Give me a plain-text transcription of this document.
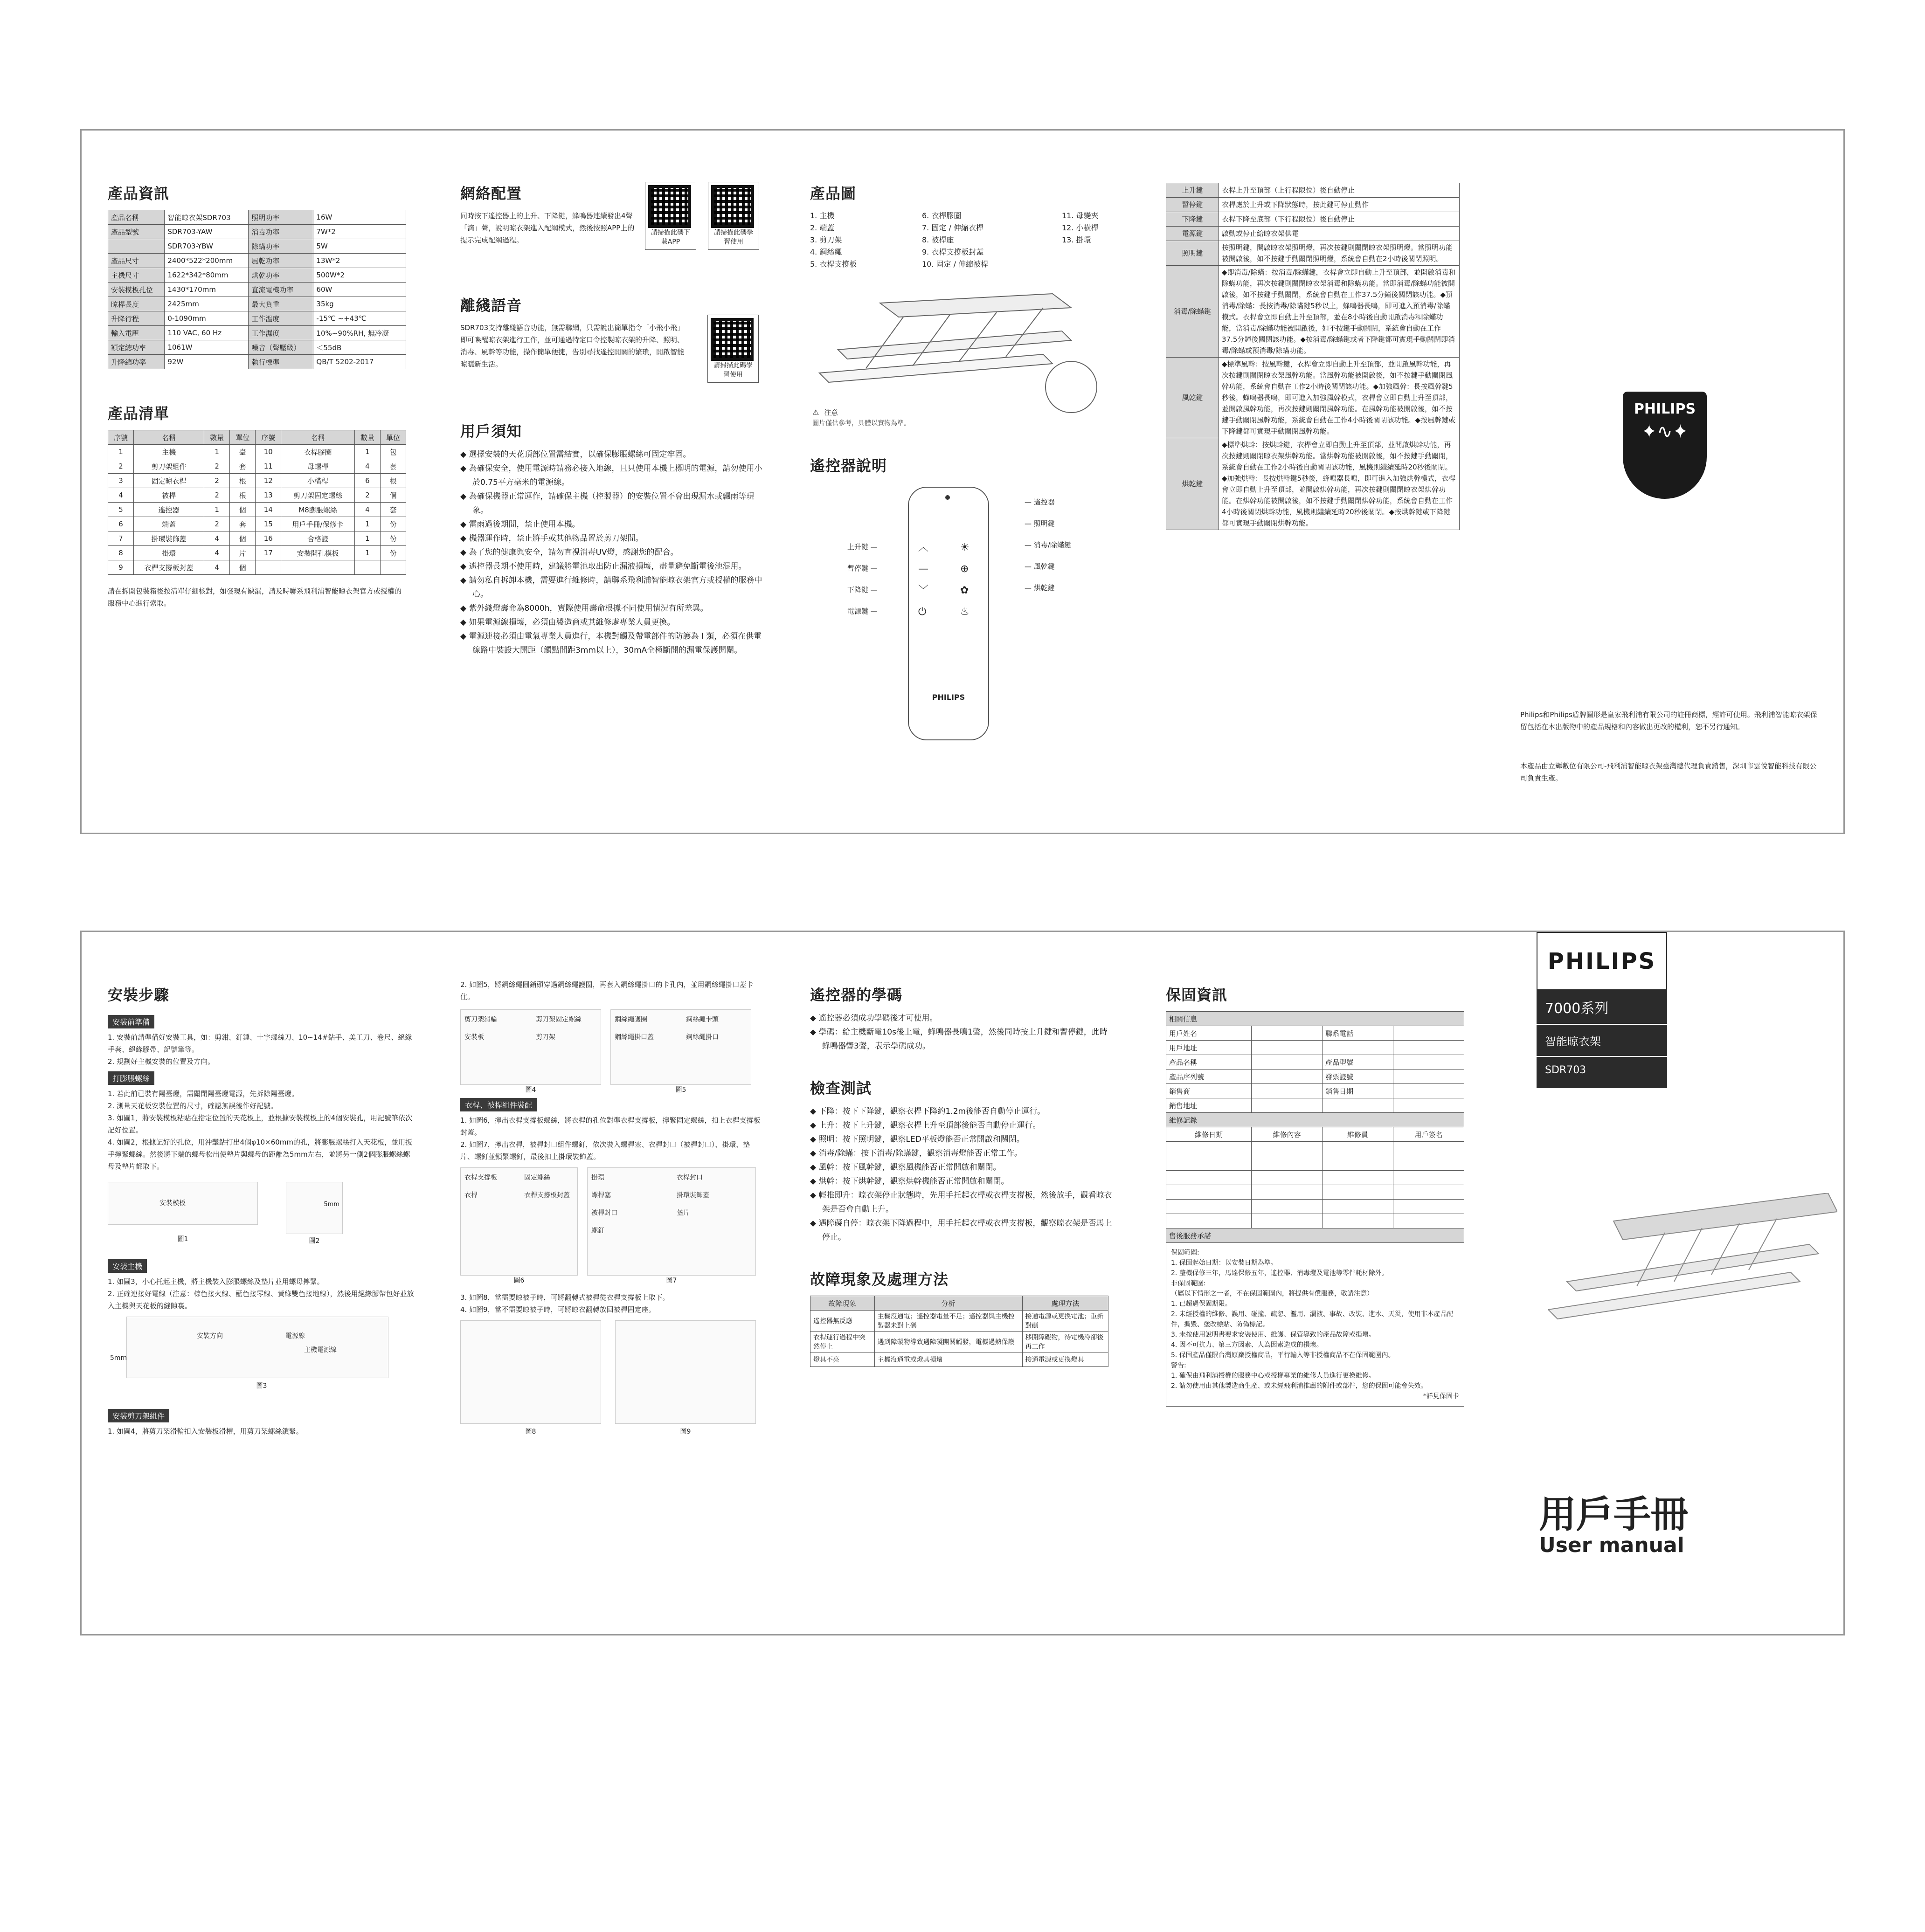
產品資訊
產品名稱	智能晾衣架SDR703	照明功率	16W
產品型號	SDR703-YAW	消毒功率	7W*2
	SDR703-YBW	除蟎功率	5W
產品尺寸	2400*522*200mm	風乾功率	13W*2
主機尺寸	1622*342*80mm	烘乾功率	500W*2
安裝模板孔位	1430*170mm	直流電機功率	60W
晾桿長度	2425mm	最大負重	35kg
升降行程	0-1090mm	工作溫度	-15℃ ~+43℃
輸入電壓	110 VAC, 60 Hz	工作濕度	10%~90%RH, 無冷凝
額定總功率	1061W	噪音（聲壓級）	＜55dB
升降總功率	92W	執行標準	QB/T 5202-2017
產品清單
序號	名稱	數量	單位	序號	名稱	數量	單位
1	主機	1	臺	10	衣桿膠圈	1	包
2	剪刀架組件	2	套	11	母螺桿	4	套
3	固定晾衣桿	2	根	12	小橫桿	6	根
4	被桿	2	根	13	剪刀架固定螺絲	2	個
5	遙控器	1	個	14	M8膨脹螺絲	4	套
6	端蓋	2	套	15	用戶手冊/保修卡	1	份
7	掛環裝飾蓋	4	個	16	合格證	1	份
8	掛環	4	片	17	安裝開孔模板	1	份
9	衣桿支撐板封蓋	4	個				

請在拆開包裝箱後按清單仔細核對，如發現有缺漏，請及時聯系飛利浦智能晾衣架官方或授權的服務中心進行索取。

網絡配置

同時按下遙控器上的上升、下降鍵，蜂鳴器連續發出4聲「滴」聲，說明晾衣架進入配網模式，然後按照APP上的提示完成配網過程。

請掃描此碼下載APP

請掃描此碼學習使用
離綫語音

SDR703支持離綫語音功能，無需聯網，只需說出簡單指令「小飛小飛」即可喚醒晾衣架進行工作，並可通過特定口令控製晾衣架的升降、照明、消毒、風幹等功能，操作簡單便捷，告別尋找遙控開關的繁瑣，開啟智能晾曬新生活。	請掃描此碼學習使用
用戶須知

◆ 選擇安裝的天花頂部位置需結實，以確保膨脹螺絲可固定牢固。

◆ 為確保安全，使用電源時請務必接入地線，且只使用本機上標明的電源，請勿使用小於0.75平方毫米的電源線。

◆ 為確保機器正常運作，請確保主機（控製器）的安裝位置不會出現漏水或飄雨等現象。

◆ 雷雨過後期間，禁止使用本機。

◆ 機器運作時，禁止將手或其他物品置於剪刀架間。

◆ 為了您的健康與安全，請勿直視消毒UV燈，感謝您的配合。

◆ 遙控器長期不使用時，建議將電池取出防止漏液損壞，盡量避免斷電後池混用。

◆ 請勿私自拆卸本機，需要進行維修時，請聯系飛利浦智能晾衣架官方或授權的服務中心。

◆ 紫外綫燈壽命為8000h，實際使用壽命根據不同使用情況有所差異。

◆ 如果電源線損壞，必須由製造商或其維修處專業人員更換。

◆ 電源連接必須由電氣專業人員進行，本機對觸及帶電部件的防護為 I 類，必須在供電線路中裝設大開距（觸點間距3mm以上），30mA全極斷開的漏電保護開關。

產品圖
1. 主機
2. 端蓋
3. 剪刀架
4. 鋼絲繩
5. 衣桿支撐板
6. 衣桿膠圈
7. 固定 / 伸縮衣桿
8. 被桿座
9. 衣桿支撐板封蓋
10. 固定 / 伸縮被桿
11. 母變夾
12. 小橫桿
13. 掛環
⚠ 注意
圖片僅供參考，具體以實物為準。
遙控器說明
︿
—
﹀
⏻
☀
⊕
✿
♨
PHILIPS
上升鍵 —
暫停鍵 —
下降鍵 —
電源鍵 —
— 遙控器
— 照明鍵
— 消毒/除蟎鍵
— 風乾鍵
— 烘乾鍵
上升鍵	衣桿上升至頂部（上行程限位）後自動停止
暫停鍵	衣桿處於上升或下降狀態時，按此鍵可停止動作
下降鍵	衣桿下降至底部（下行程限位）後自動停止
電源鍵	啟動或停止給晾衣架供電
照明鍵	按照明鍵，開啟晾衣架照明燈，再次按鍵則關閉晾衣架照明燈。當照明功能被開啟後，如不按鍵手動關閉照明燈，系統會自動在2小時後關閉照明。
消毒/除蟎鍵	◆即消毒/除蟎：按消毒/除蟎鍵，衣桿會立即自動上升至頂部，並開啟消毒和除蟎功能，再次按鍵則關閉晾衣架消毒和除蟎功能。當即消毒/除蟎功能被開啟後，如不按鍵手動關閉，系統會自動在工作37.5分鐘後關閉該功能。◆預消毒/除蟎：長按消毒/除蟎鍵5秒以上，蜂鳴器長鳴，即可進入預消毒/除蟎模式。衣桿會立即自動上升至頂部，並在8小時後自動開啟消毒和除蟎功能，當消毒/除蟎功能被開啟後，如不按鍵手動關閉，系統會自動在工作37.5分鐘後關閉該功能。◆按消毒/除蟎鍵或者下降鍵都可實現手動關閉即消毒/除蟎或預消毒/除蟎功能。
風乾鍵	◆標準風幹：按風幹鍵，衣桿會立即自動上升至頂部，並開啟風幹功能，再次按鍵則關閉晾衣架風幹功能。當風幹功能被開啟後，如不按鍵手動關閉風幹功能，系統會自動在工作2小時後關閉該功能。◆加強風幹：長按風幹鍵5秒後，蜂鳴器長鳴，即可進入加強風幹模式，衣桿會立即自動上升至頂部，並開啟風幹功能，再次按鍵則關閉風幹功能。在風幹功能被開啟後，如不按鍵手動關閉風幹功能，系統會自動在工作4小時後關閉該功能。◆按風幹鍵或下降鍵都可實現手動關閉風幹功能。
烘乾鍵	◆標準烘幹：按烘幹鍵，衣桿會立即自動上升至頂部，並開啟烘幹功能，再次按鍵則關閉晾衣架烘幹功能。當烘幹功能被開啟後，如不按鍵手動關閉，系統會自動在工作2小時後自動關閉該功能，風機則繼續延時20秒後關閉。◆加強烘幹：長按烘幹鍵5秒後，蜂鳴器長鳴，即可進入加強烘幹模式，衣桿會立即自動上升至頂部，並開啟烘幹功能，再次按鍵則關閉晾衣架烘幹功能。在烘幹功能被開啟後，如不按鍵手動關閉烘幹功能，系統會自動在工作4小時後關閉烘幹功能，風機則繼續延時20秒後關閉。◆按烘幹鍵或下降鍵都可實現手動關閉烘幹功能。
PHILIPS
✦∿✦

Philips和Philips盾牌圖形是皇家飛利浦有限公司的註冊商標，經許可使用。飛利浦智能晾衣架保留包括在本出版物中的產品規格和內容做出更改的權利，恕不另行通知。

本產品由立輝數位有限公司-飛利浦智能晾衣架臺灣總代理負責銷售，深圳市雲悅智能科技有限公司負責生產。

安裝步驟
安裝前準備

1. 安裝前請準備好安裝工具，如：剪鉗、釘錘、十字螺絲刀、10~14#鉆手、美工刀、卷尺、絕緣手套、絕緣膠帶、記號筆等。

2. 規劃好主機安裝的位置及方向。

打膨脹螺絲

1. 若此前已裝有陽臺燈，需關閉陽臺燈電源，先拆除陽臺燈。

2. 測量天花板安裝位置的尺寸，確認無誤後作好記號。

3. 如圖1，將安裝模板粘貼在指定位置的天花板上，並根據安裝模板上的4個安裝孔，用記號筆依次記好位置。

4. 如圖2，根據記好的孔位，用沖擊鉆打出4個φ10×60mm的孔，將膨脹螺絲打入天花板，並用扳手擰緊螺絲。然後將下端的螺母松出使墊片與螺母的距離為5mm左右，並將另一側2個膨脹螺絲螺母及墊片都取下。

安裝模板
圖1
5mm
圖2
安裝主機

1. 如圖3，小心托起主機，將主機裝入膨脹螺絲及墊片並用螺母擰緊。

2. 正確連接好電線（注意：棕色接火線、藍色接零線、黃綠雙色接地線），然後用絕緣膠帶包好並放入主機與天花板的縫隙裏。

安裝方向	電源線
主機電源線
5mm
圖3
安裝剪刀架組件

1. 如圖4，將剪刀架滑輪扣入安裝板滑槽，用剪刀架螺絲鎖緊。

2. 如圖5，將鋼絲繩圓銷頭穿過鋼絲繩護圈，再套入鋼絲繩掛口的卡孔內，並用鋼絲繩掛口蓋卡住。

剪刀架滑輪	剪刀架固定螺絲
安裝板	剪刀架
圖4
鋼絲繩護圈	鋼絲繩卡頭
鋼絲繩掛口蓋	鋼絲繩掛口
圖5
衣桿、被桿組件裝配

1. 如圖6，擰出衣桿支撐板螺絲，將衣桿的孔位對準衣桿支撐板，擰緊固定螺絲，扣上衣桿支撐板封蓋。

2. 如圖7，擰出衣桿，被桿封口組件螺釘，依次裝入螺桿塞、衣桿封口（被桿封口）、掛環、墊片、螺釘並鎖緊螺釘，最後扣上掛環裝飾蓋。

衣桿支撐板	固定螺絲
衣桿	衣桿支撐板封蓋
圖6
掛環	衣桿封口
螺桿塞	掛環裝飾蓋
被桿封口	墊片
螺釘
圖7

3. 如圖8，當需要晾被子時，可將翻轉式被桿從衣桿支撐板上取下。

4. 如圖9，當不需要晾被子時，可將晾衣翻轉放回被桿固定座。

圖8	圖9
遙控器的學碼

◆ 遙控器必須成功學碼後才可使用。

◆ 學碼：給主機斷電10s後上電，蜂鳴器長鳴1聲，然後同時按上升鍵和暫停鍵，此時蜂鳴器響3聲，表示學碼成功。

檢查測試

◆ 下降：按下下降鍵，觀察衣桿下降約1.2m後能否自動停止運行。

◆ 上升：按下上升鍵，觀察衣桿上升至頂部後能否自動停止運行。

◆ 照明：按下照明鍵，觀察LED平板燈能否正常開啟和關閉。

◆ 消毒/除蟎：按下消毒/除蟎鍵，觀察消毒燈能否正常工作。

◆ 風幹：按下風幹鍵，觀察風機能否正常開啟和關閉。

◆ 烘幹：按下烘幹鍵，觀察烘幹機能否正常開啟和關閉。

◆ 輕推即升：晾衣架停止狀態時，先用手托起衣桿或衣桿支撐板，然後放手，觀看晾衣架是否會自動上升。

◆ 遇障礙自停：晾衣架下降過程中，用手托起衣桿或衣桿支撐板，觀察晾衣架是否馬上停止。

故障現象及處理方法
故障現象	分析	處理方法
遙控器無反應	主機沒通電；遙控器電量不足；遙控器與主機控製器未對上碼	接通電源或更換電池；重新對碼
衣桿運行過程中突然停止	遇到障礙物導致遇障礙開關觸發，電機過熱保護	移開障礙物，待電機冷卻後再工作
燈具不亮	主機沒通電或燈具損壞	接通電源或更換燈具
保固資訊
相關信息			
用戶姓名		聯系電話	
用戶地址			
產品名稱		產品型號	
產品序列號		發票證號	
銷售商		銷售日期	
銷售地址			
維修記錄			
維修日期	維修內容	維修員	用戶簽名

售後服務承諾			
保固範圍:
1. 保固起始日期：以安裝日期為準。
2. 整機保修三年，馬達保修五年，遙控器、消毒燈及電池等零件耗材除外。
非保固範圍:
（屬以下情形之一者，不在保固範圍內，將提供有償服務，敬請注意）
1. 已超過保固期限。
2. 未經授權的維修、誤用、碰撞、疏忽、濫用、漏液、事故、改裝、進水、天災，使用非本產品配件，撕毀、塗改標貼、防偽標記。
3. 未按使用說明書要求安裝使用、維護、保管導致的產品故障或損壞。
4. 因不可抗力、第三方因素、人為因素造成的損壞。
5. 保固產品僅限台灣原廠授權商品，平行輸入等非授權商品不在保固範圍內。
警告:
1. 確保由飛利浦授權的服務中心或授權專業的維修人員進行更換維修。
2. 請勿使用由其他製造商生產、或未經飛利浦推薦的附件或部件，您的保固可能會失效。
*詳見保固卡
PHILIPS
7000系列
智能晾衣架
SDR703
用戶手冊
User manual
